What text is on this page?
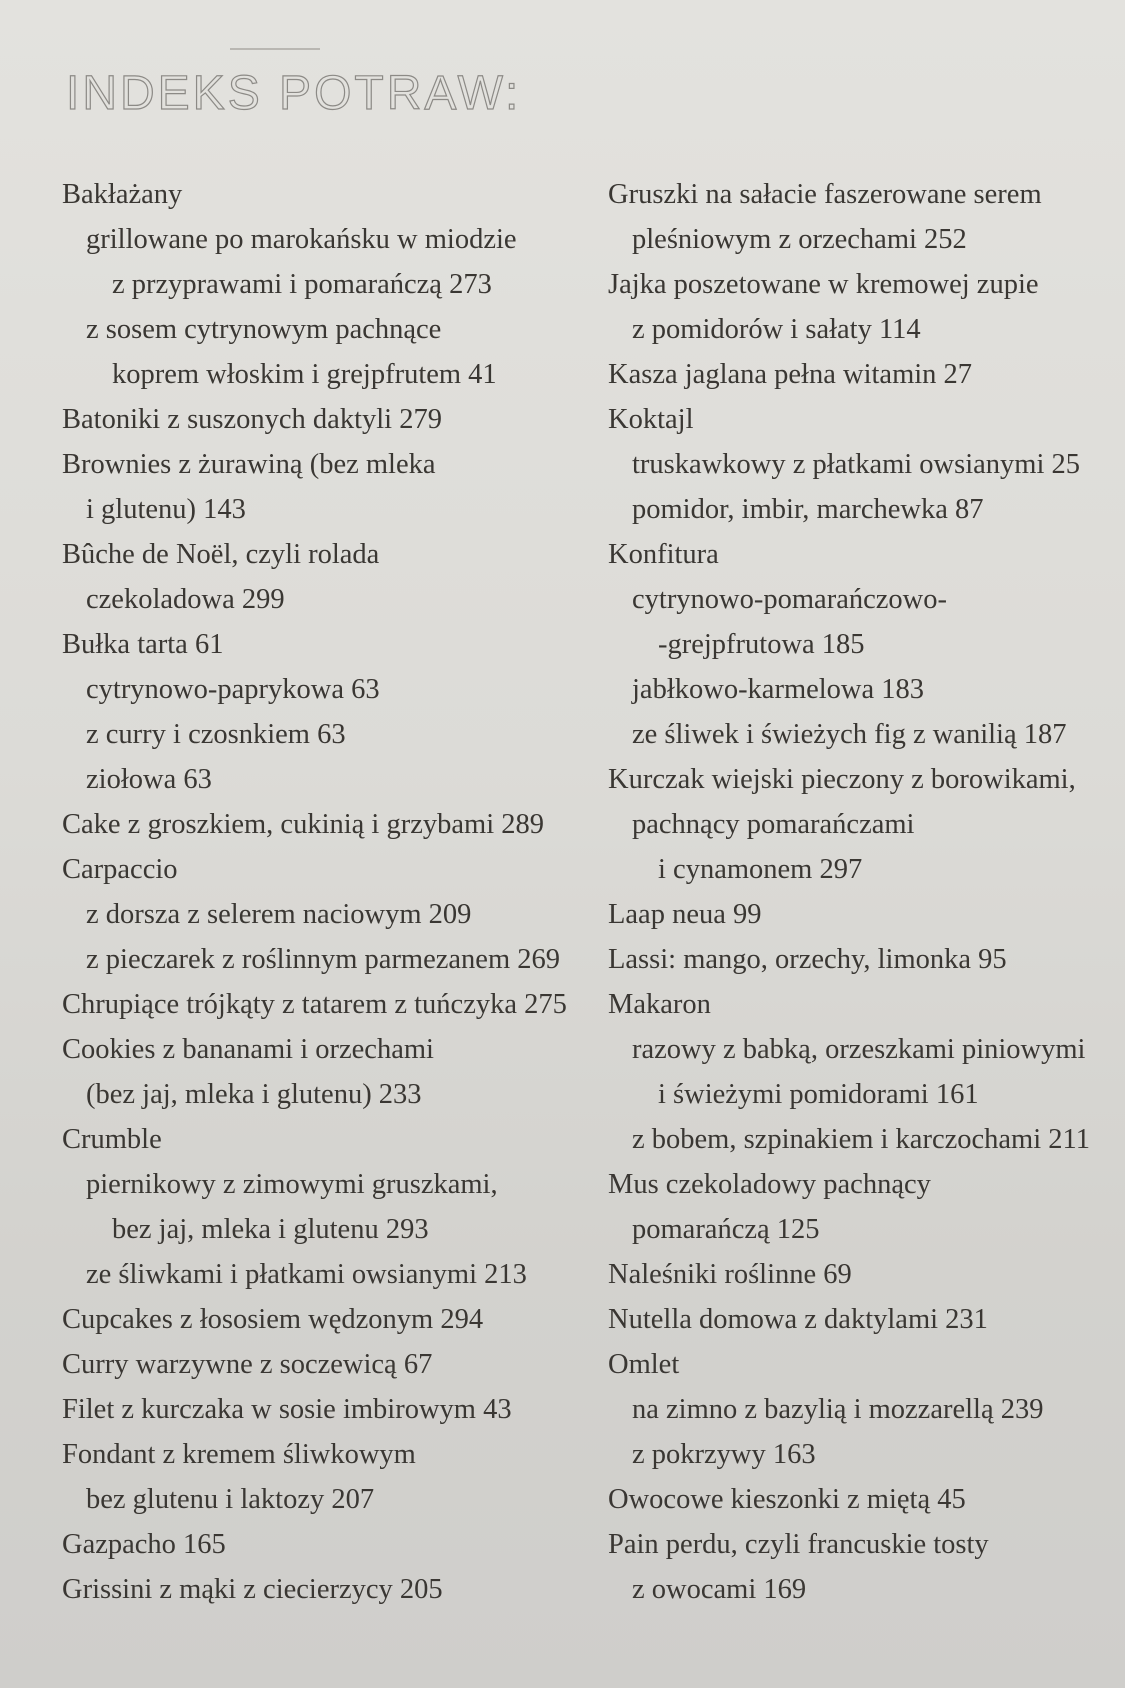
INDEKS POTRAW:
Bakłażany
grillowane po marokańsku w miodzie
z przyprawami i pomarańczą 273
z sosem cytrynowym pachnące
koprem włoskim i grejpfrutem 41
Batoniki z suszonych daktyli 279
Brownies z żurawiną (bez mleka
i glutenu) 143
Bûche de Noël, czyli rolada
czekoladowa 299
Bułka tarta 61
cytrynowo-paprykowa 63
z curry i czosnkiem 63
ziołowa 63
Cake z groszkiem, cukinią i grzybami 289
Carpaccio
z dorsza z selerem naciowym 209
z pieczarek z roślinnym parmezanem 269
Chrupiące trójkąty z tatarem z tuńczyka 275
Cookies z bananami i orzechami
(bez jaj, mleka i glutenu) 233
Crumble
piernikowy z zimowymi gruszkami,
bez jaj, mleka i glutenu 293
ze śliwkami i płatkami owsianymi 213
Cupcakes z łososiem wędzonym 294
Curry warzywne z soczewicą 67
Filet z kurczaka w sosie imbirowym 43
Fondant z kremem śliwkowym
bez glutenu i laktozy 207
Gazpacho 165
Grissini z mąki z ciecierzycy 205
Gruszki na sałacie faszerowane serem
pleśniowym z orzechami 252
Jajka poszetowane w kremowej zupie
z pomidorów i sałaty 114
Kasza jaglana pełna witamin 27
Koktajl
truskawkowy z płatkami owsianymi 25
pomidor, imbir, marchewka 87
Konfitura
cytrynowo-pomarańczowo-
-grejpfrutowa 185
jabłkowo-karmelowa 183
ze śliwek i świeżych fig z wanilią 187
Kurczak wiejski pieczony z borowikami,
pachnący pomarańczami
i cynamonem 297
Laap neua 99
Lassi: mango, orzechy, limonka 95
Makaron
razowy z babką, orzeszkami piniowymi
i świeżymi pomidorami 161
z bobem, szpinakiem i karczochami 211
Mus czekoladowy pachnący
pomarańczą 125
Naleśniki roślinne 69
Nutella domowa z daktylami 231
Omlet
na zimno z bazylią i mozzarellą 239
z pokrzywy 163
Owocowe kieszonki z miętą 45
Pain perdu, czyli francuskie tosty
z owocami 169
